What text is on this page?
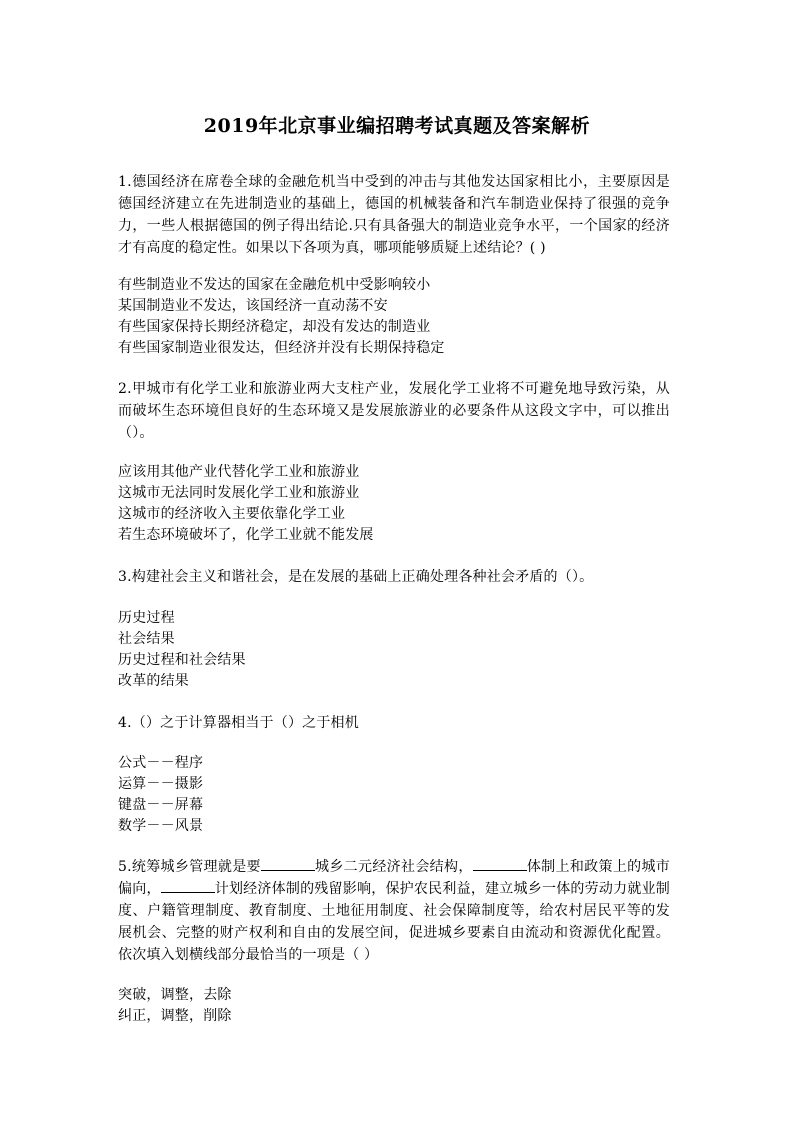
2019年北京事业编招聘考试真题及答案解析
1.德国经济在席卷全球的金融危机当中受到的冲击与其他发达国家相比小，主要原因是德国经济建立在先进制造业的基础上，德国的机械装备和汽车制造业保持了很强的竞争力，一些人根据德国的例子得出结论.只有具备强大的制造业竞争水平，一个国家的经济才有高度的稳定性。如果以下各项为真，哪项能够质疑上述结论？( )
有些制造业不发达的国家在金融危机中受影响较小
某国制造业不发达，该国经济一直动荡不安
有些国家保持长期经济稳定，却没有发达的制造业
有些国家制造业很发达，但经济并没有长期保持稳定
2.甲城市有化学工业和旅游业两大支柱产业，发展化学工业将不可避免地导致污染，从而破坏生态环境但良好的生态环境又是发展旅游业的必要条件从这段文字中，可以推出（）。
应该用其他产业代替化学工业和旅游业
这城市无法同时发展化学工业和旅游业
这城市的经济收入主要依靠化学工业
若生态环境破坏了，化学工业就不能发展
3.构建社会主义和谐社会，是在发展的基础上正确处理各种社会矛盾的（）。
历史过程
社会结果
历史过程和社会结果
改革的结果
4.（）之于计算器相当于（）之于相机
公式－－程序
运算－－摄影
键盘－－屏幕
数学－－风景
5.统筹城乡管理就是要	城乡二元经济社会结构，	体制上和政策上的城市偏向，	计划经济体制的残留影响，保护农民利益，建立城乡一体的劳动力就业制度、户籍管理制度、教育制度、土地征用制度、社会保障制度等，给农村居民平等的发展机会、完整的财产权利和自由的发展空间，促进城乡要素自由流动和资源优化配置。依次填入划横线部分最恰当的一项是（ ）
突破，调整，去除
纠正，调整，削除
